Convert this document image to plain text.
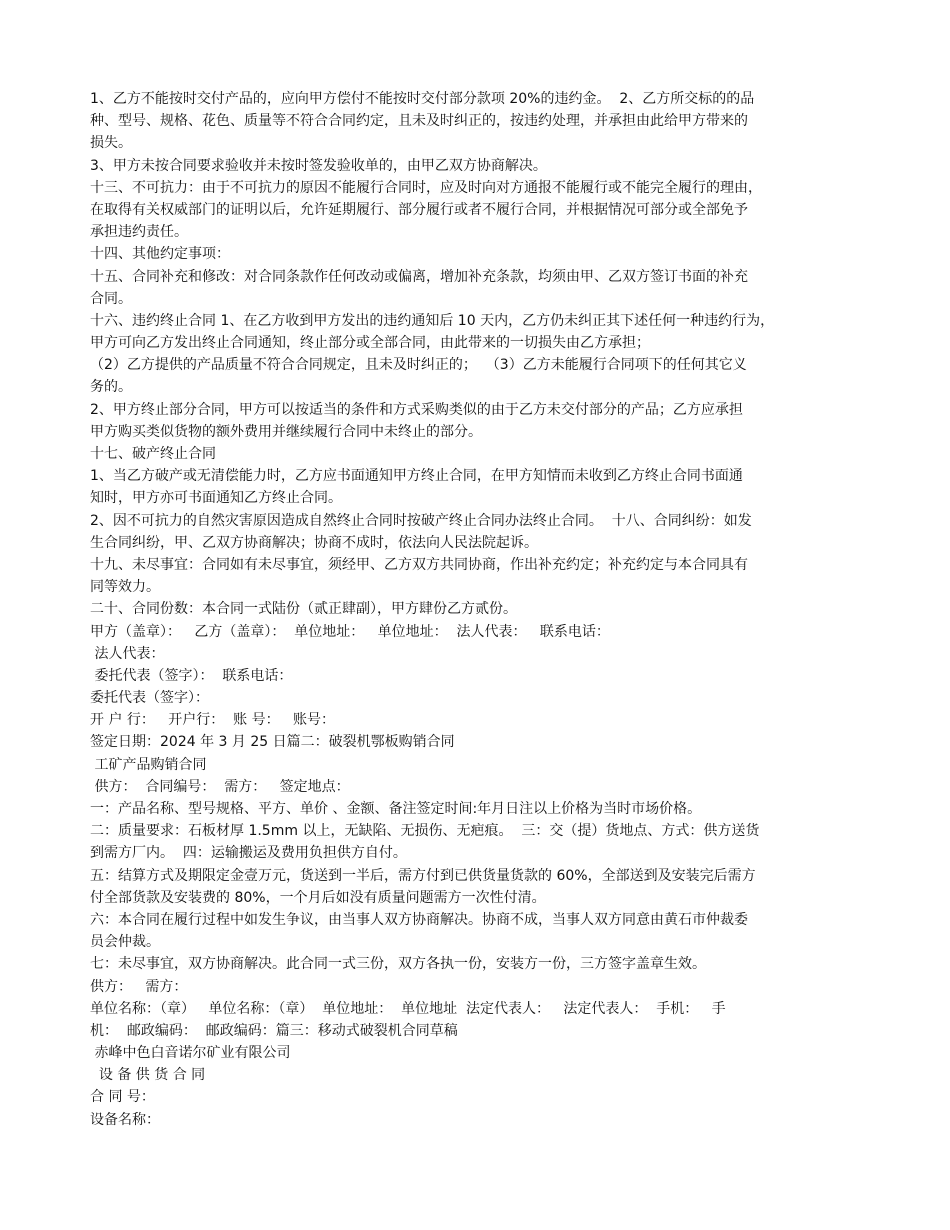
1、乙方不能按时交付产品的，应向甲方偿付不能按时交付部分款项 20%的违约金。  2、乙方所交标的的品
种、型号、规格、花色、质量等不符合合同约定，且未及时纠正的，按违约处理，并承担由此给甲方带来的
损失。
3、甲方未按合同要求验收并未按时签发验收单的，由甲乙双方协商解决。
十三、不可抗力：由于不可抗力的原因不能履行合同时，应及时向对方通报不能履行或不能完全履行的理由，
在取得有关权威部门的证明以后，允许延期履行、部分履行或者不履行合同，并根据情况可部分或全部免予
承担违约责任。
十四、其他约定事项：
十五、合同补充和修改：对合同条款作任何改动或偏离，增加补充条款，均须由甲、乙双方签订书面的补充
合同。
十六、违约终止合同 1、在乙方收到甲方发出的违约通知后 10 天内，乙方仍未纠正其下述任何一种违约行为，
甲方可向乙方发出终止合同通知，终止部分或全部合同，由此带来的一切损失由乙方承担；
（2）乙方提供的产品质量不符合合同规定，且未及时纠正的；  （3）乙方未能履行合同项下的任何其它义
务的。
2、甲方终止部分合同，甲方可以按适当的条件和方式采购类似的由于乙方未交付部分的产品；乙方应承担
甲方购买类似货物的额外费用并继续履行合同中未终止的部分。
十七、破产终止合同
1、当乙方破产或无清偿能力时，乙方应书面通知甲方终止合同，在甲方知情而未收到乙方终止合同书面通
知时，甲方亦可书面通知乙方终止合同。
2、因不可抗力的自然灾害原因造成自然终止合同时按破产终止合同办法终止合同。  十八、合同纠纷：如发
生合同纠纷，甲、乙双方协商解决；协商不成时，依法向人民法院起诉。
十九、未尽事宜：合同如有未尽事宜，须经甲、乙方双方共同协商，作出补充约定；补充约定与本合同具有
同等效力。
二十、合同份数：本合同一式陆份（贰正肆副），甲方肆份乙方贰份。
甲方（盖章）：   乙方（盖章）：  单位地址：   单位地址：  法人代表：   联系电话：
法人代表：
委托代表（签字）：  联系电话：
委托代表（签字）：
开 户 行：   开户行：  账 号：   账号：
签定日期：2024 年 3 月 25 日篇二：破裂机鄂板购销合同
工矿产品购销合同
供方：  合同编号：  需方：   签定地点：
一：产品名称、型号规格、平方、单价 、金额、备注签定时间:年月日注以上价格为当时市场价格。
二：质量要求：石板材厚 1.5mm 以上，无缺陷、无损伤、无疤痕。  三：交（提）货地点、方式：供方送货
到需方厂内。  四：运输搬运及费用负担供方自付。
五：结算方式及期限定金壹万元，货送到一半后，需方付到已供货量货款的 60%，全部送到及安装完后需方
付全部货款及安装费的 80%，一个月后如没有质量问题需方一次性付清。
六：本合同在履行过程中如发生争议，由当事人双方协商解决。协商不成，当事人双方同意由黄石市仲裁委
员会仲裁。
七：未尽事宜，双方协商解决。此合同一式三份，双方各执一份，安装方一份，三方签字盖章生效。
供方：   需方：
单位名称：（章）   单位名称：（章）  单位地址：  单位地址  法定代表人：   法定代表人：  手机：   手
机：  邮政编码：  邮政编码：篇三：移动式破裂机合同草稿
赤峰中色白音诺尔矿业有限公司
设 备 供 货 合 同
合 同 号：
设备名称：
